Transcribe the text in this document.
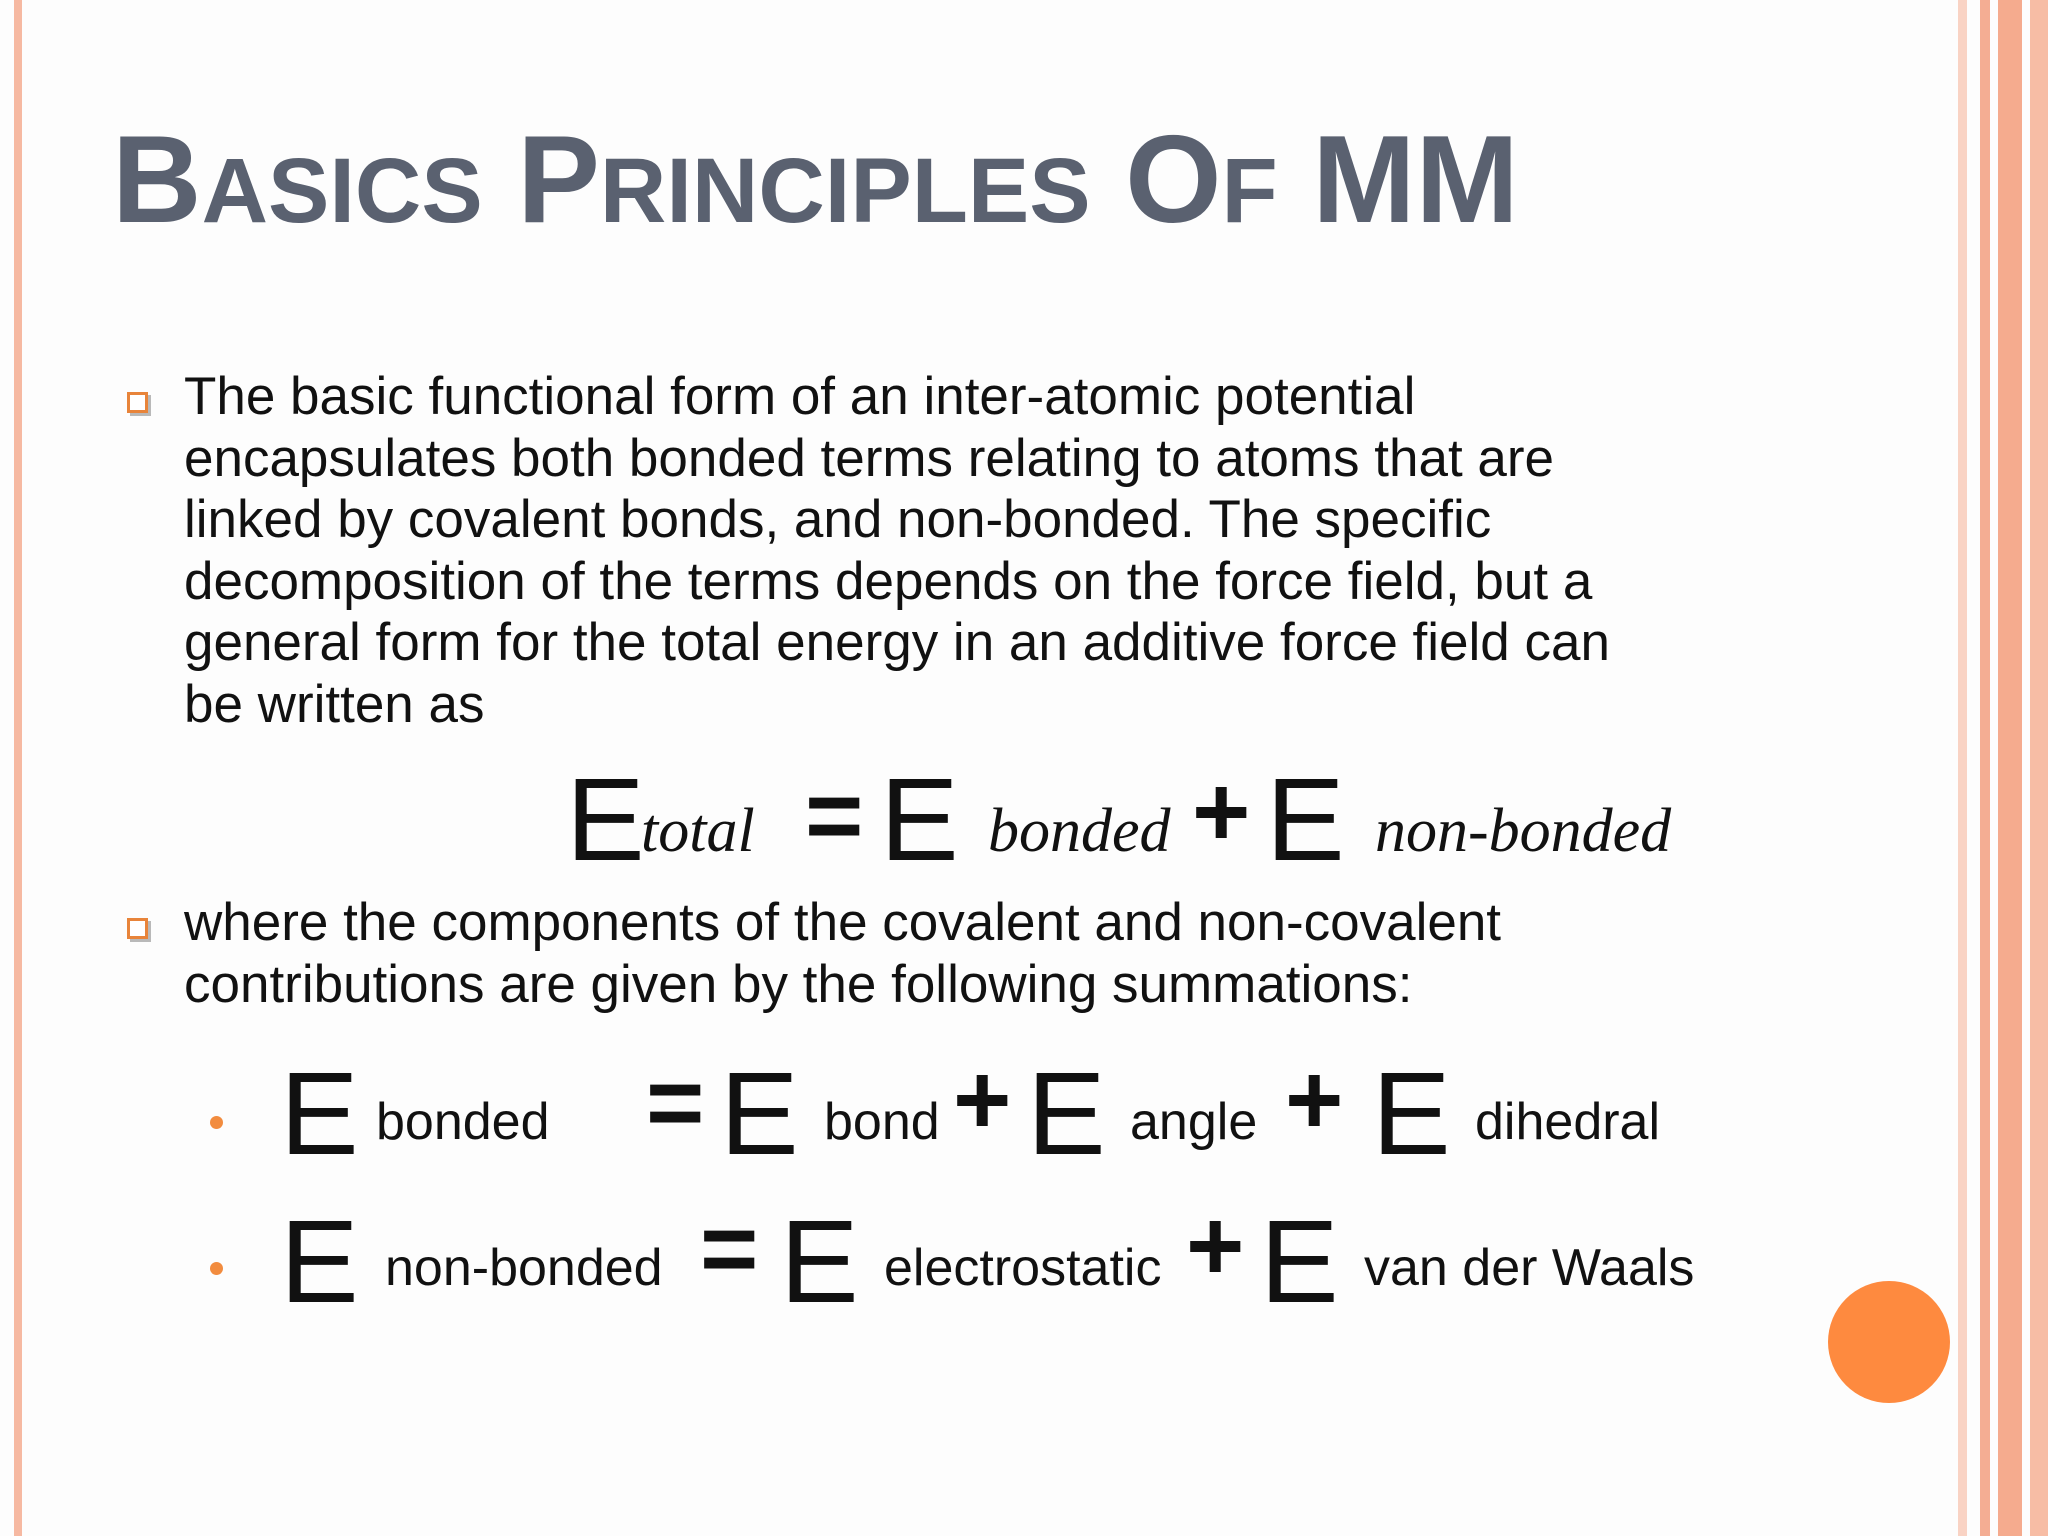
BASICS PRINCIPLES OF MM

The basic functional form of an inter-atomic potential
encapsulates both bonded terms relating to atoms that are
linked by covalent bonds, and non-bonded. The specific
decomposition of the terms depends on the force field, but a
general form for the total energy in an additive force field can
be written as

E
total = E bonded + E non-bonded

where the components of the covalent and non-covalent
contributions are given by the following summations:

E bonded = E bond + E angle + E dihedral
E non-bonded = E electrostatic + E van der Waals
